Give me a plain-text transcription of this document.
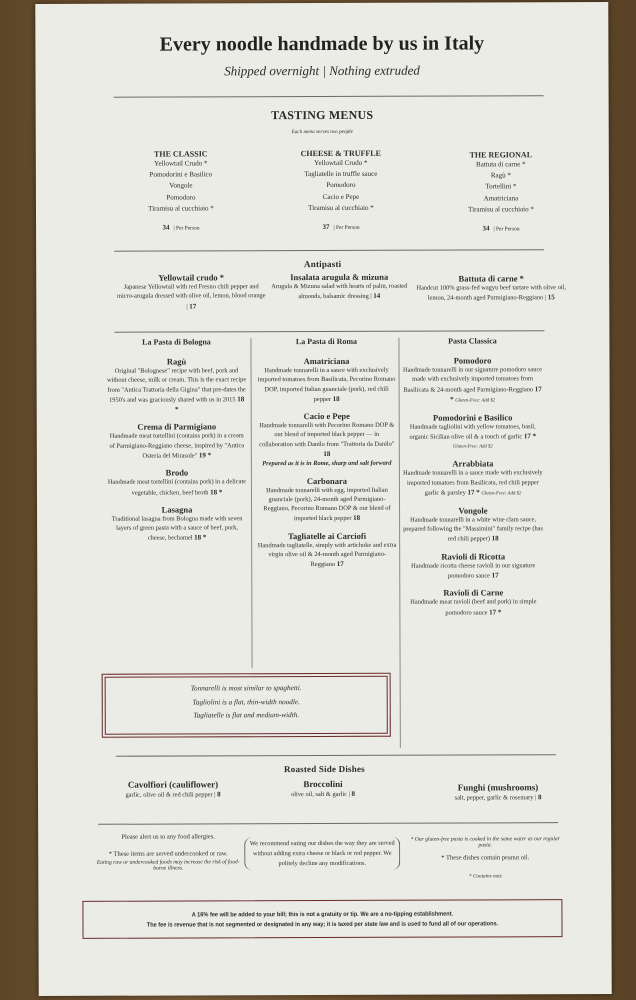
Every noodle handmade by us in Italy
Shipped overnight | Nothing extruded
TASTING MENUS
Each menu serves two people
THE CLASSIC
Yellowtail Crudo *
Pomodorini e Basilico
Vongole
Pomodoro
Tiramisu al cucchiaio *
34 | Per Person
CHEESE & TRUFFLE
Yellowtail Crudo *
Tagliatelle in truffle sauce
Pomodoro
Cacio e Pepe
Tiramisu al cucchiaio *
37 | Per Person
THE REGIONAL
Battuta di carne *
Ragù *
Tortellini *
Amatriciana
Tiramisu al cucchiaio *
34 | Per Person
Antipasti
Yellowtail crudo *
Japanese Yellowtail with red Fresno chili pepper and micro-arugula dressed with olive oil, lemon, blood orange | 17
Insalata arugula & mizuna
Arugula & Mizuna salad with hearts of palm, roasted almonds, balsamic dressing | 14
Battuta di carne *
Handcut 100% grass-fed wagyu beef tartare with olive oil, lemon, 24-month aged Parmigiano-Reggiano | 15
La Pasta di Bologna
Ragù
Original "Bolognese" recipe with beef, pork and without cheese, milk or cream. This is the exact recipe from "Antica Trattoria della Gigina" that pre-dates the 1950's and was graciously shared with us in 2015 18 *
Crema di Parmigiano
Handmade meat tortellini (contains pork) in a cream of Parmigiano-Reggiano cheese, inspired by "Antica Osteria del Mirasole" 19 *
Brodo
Handmade meat tortellini (contains pork) in a delicate vegetable, chicken, beef broth 18 *
Lasagna
Traditional lasagna from Bologna made with seven layers of green pasta with a sauce of beef, pork, cheese, bechamel 18 *
La Pasta di Roma
Amatriciana
Handmade tonnarelli in a sauce with exclusively imported tomatoes from Basilicata, Pecorino Romano DOP, imported Italian guanciale (pork), red chili pepper 18
Cacio e Pepe
Handmade tonnarelli with Pecorino Romano DOP & our blend of imported black pepper — in collaboration with Danilo from "Trattoria da Danilo" 18
Prepared as it is in Rome, sharp and salt forward
Carbonara
Handmade tonnarelli with egg, imported Italian guanciale (pork), 24-month aged Parmigiano-Reggiano, Pecorino Romano DOP & our blend of imported black pepper 18
Tagliatelle ai Carciofi
Handmade tagliatelle, simply with artichoke and extra virgin olive oil & 24-month aged Parmigiano-Reggiano 17
Pasta Classica
Pomodoro
Handmade tonnarelli in our signature pomodoro sauce made with exclusively imported tomatoes from Basilicata & 24-month aged Parmigiano-Reggiano 17 * Gluten-Free: Add $2
Pomodorini e Basilico
Handmade tagliolini with yellow tomatoes, basil, organic Sicilian olive oil & a touch of garlic 17 * Gluten-Free: Add $2
Arrabbiata
Handmade tonnarelli in a sauce made with exclusively imported tomatoes from Basilicata, red chili pepper garlic & parsley 17 * Gluten-Free: Add $2
Vongole
Handmade tonnarelli in a white wine clam sauce, prepared following the "Massimini" family recipe (has red chili pepper) 18
Ravioli di Ricotta
Handmade ricotta cheese ravioli in our signature pomodoro sauce 17
Ravioli di Carne
Handmade meat ravioli (beef and pork) in simple pomodoro sauce 17 *
Tonnarelli is most similar to spaghetti.
Tagliolini is a flat, thin-width noodle.
Tagliatelle is flat and medium-width.
Roasted Side Dishes
Cavolfiori (cauliflower)
garlic, olive oil & red chili pepper | 8
Broccolini
olive oil, salt & garlic | 8
Funghi (mushrooms)
salt, pepper, garlic & rosemary | 8
Please alert us to any food allergies.
* These items are served undercooked or raw.
Eating raw or undercooked foods may increase the risk of food-borne illness.
We recommend eating our dishes the way they are served without adding extra cheese or black or red pepper. We politely decline any modifications.
* Our gluten-free pasta is cooked in the same water as our regular pasta.
* These dishes contain peanut oil.
* Contains nuts
A 16% fee will be added to your bill; this is not a gratuity or tip. We are a no-tipping establishment.
The fee is revenue that is not segmented or designated in any way; it is taxed per state law and is used to fund all of our operations.
